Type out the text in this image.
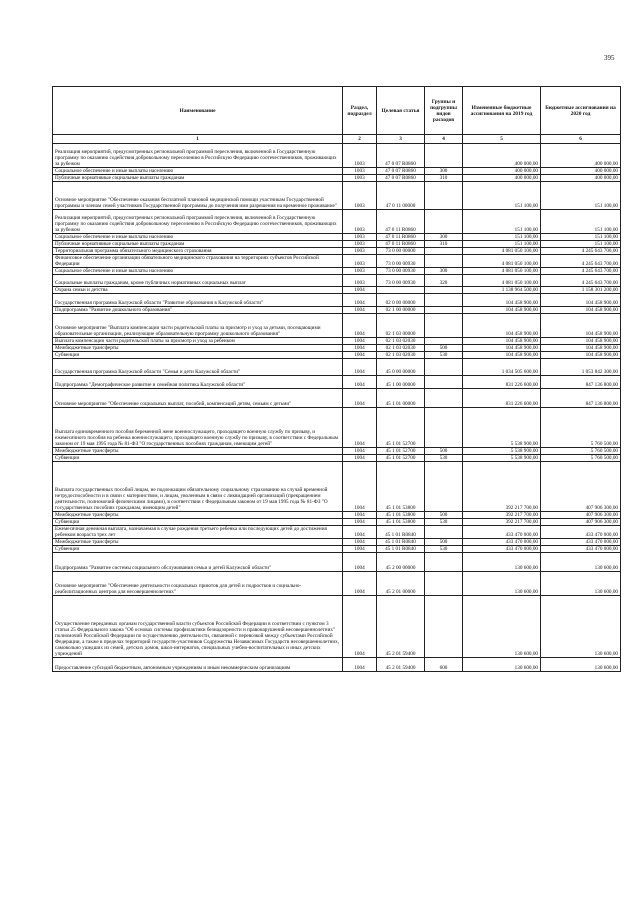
395
Наименование	Раздел, подраздел	Целевая статья	Группы и подгруппы видов расходов	Измененные бюджетные ассигнования на 2019 год	Бюджетные ассигнования на 2020 год
1	2	3	4	5	6
Реализация мероприятий, предусмотренных региональной программой переселения, включенной в Государственную программу по оказанию содействия добровольному переселению в Российскую Федерацию соотечественников, проживающих за рубежом	1003	47 0 07 R0860		400 000,00	400 000,00
Социальное обеспечение и иные выплаты населению	1003	47 0 07 R0860	300	400 000,00	400 000,00
Публичные нормативные социальные выплаты гражданам	1003	47 0 07 R0860	310	400 000,00	400 000,00
Основное мероприятие "Обеспечение оказания бесплатной плановой медицинской помощи участникам Государственной программы и членам семей участников Государственной программы до получения ими разрешения на временное проживание"	1003	47 0 11 00000		151 100,00	151 100,00
Реализация мероприятий, предусмотренных региональной программой переселения, включенной в Государственную программу по оказанию содействия добровольному переселению в Российскую Федерацию соотечественников, проживающих за рубежом	1003	47 0 11 R0860		151 100,00	151 100,00
Социальное обеспечение и иные выплаты населению	1003	47 0 11 R0860	300	151 100,00	151 100,00
Публичные нормативные социальные выплаты гражданам	1003	47 0 11 R0860	310	151 100,00	151 100,00
Территориальная программа обязательного медицинского страхования	1003	73 0 00 00000		4 081 050 100,00	4 245 643 700,00
Финансовое обеспечение организации обязательного медицинского страхования на территориях субъектов Российской Федерации	1003	73 0 00 00930		4 081 050 100,00	4 245 643 700,00
Социальное обеспечение и иные выплаты населению	1003	73 0 00 00930	300	4 081 050 100,00	4 245 643 700,00
Социальные выплаты гражданам, кроме публичных нормативных социальных выплат	1003	73 0 00 00930	320	4 081 050 100,00	4 245 643 700,00
Охрана семьи и детства	1004			1 138 964 500,00	1 158 301 200,00
Государственная программа Калужской области "Развитие образования в Калужской области"	1004	02 0 00 00000		104 458 900,00	104 458 900,00
Подпрограмма "Развитие дошкольного образования"	1004	02 1 00 00000		104 458 900,00	104 458 900,00
Основное мероприятие "Выплата компенсации части родительской платы за присмотр и уход за детьми, посещающими образовательные организации, реализующие образовательную программу дошкольного образования"	1004	02 1 03 00000		104 458 900,00	104 458 900,00
Выплата компенсации части родительской платы за присмотр и уход за ребенком	1004	02 1 03 02030		104 458 900,00	104 458 900,00
Межбюджетные трансферты	1004	02 1 03 02030	500	104 458 900,00	104 458 900,00
Субвенции	1004	02 1 03 02030	530	104 458 900,00	104 458 900,00
Государственная программа Калужской области "Семья и дети Калужской области"	1004	45 0 00 00000		1 034 505 600,00	1 053 842 300,00
Подпрограмма "Демографическое развитие и семейная политика Калужской области"	1004	45 1 00 00000		831 226 600,00	847 136 800,00
Основное мероприятие "Обеспечение социальных выплат, пособий, компенсаций детям, семьям с детьми"	1004	45 1 01 00000		831 226 600,00	847 136 800,00
Выплата единовременного пособия беременной жене военнослужащего, проходящего военную службу по призыву, и ежемесячного пособия на ребенка военнослужащего, проходящего военную службу по призыву, в соответствии с Федеральным законом от 19 мая 1995 года № 81-ФЗ "О государственных пособиях гражданам, имеющим детей"	1004	45 1 01 52700		5 538 900,00	5 760 500,00
Межбюджетные трансферты	1004	45 1 01 52700	500	5 538 900,00	5 760 500,00
Субвенции	1004	45 1 01 52700	530	5 538 900,00	5 760 500,00
Выплата государственных пособий лицам, не подлежащим обязательному социальному страхованию на случай временной нетрудоспособности и в связи с материнством, и лицам, уволенным в связи с ликвидацией организаций (прекращением деятельности, полномочий физическими лицами), в соответствии с Федеральным законом от 19 мая 1995 года № 81-ФЗ "О государственных пособиях гражданам, имеющим детей"	1004	45 1 01 53800		392 217 700,00	407 906 300,00
Межбюджетные трансферты	1004	45 1 01 53800	500	392 217 700,00	407 906 300,00
Субвенции	1004	45 1 01 53800	530	392 217 700,00	407 906 300,00
Ежемесячная денежная выплата, назначаемая в случае рождения третьего ребенка или последующих детей до достижения ребенком возраста трех лет	1004	45 1 01 R0840		433 470 000,00	433 470 000,00
Межбюджетные трансферты	1004	45 1 01 R0840	500	433 470 000,00	433 470 000,00
Субвенции	1004	45 1 01 R0840	530	433 470 000,00	433 470 000,00
Подпрограмма "Развитие системы социального обслуживания семьи и детей Калужской области"	1004	45 2 00 00000		130 600,00	130 600,00
Основное мероприятие "Обеспечение деятельности социальных приютов для детей и подростков и социально-реабилитационных центров для несовершеннолетних"	1004	45 2 01 00000		130 600,00	130 600,00
Осуществление переданных органам государственной власти субъектов Российской Федерации в соответствии с пунктом 3 статьи 25 Федерального закона "Об основах системы профилактики безнадзорности и правонарушений несовершеннолетних" полномочий Российской Федерации по осуществлению деятельности, связанной с перевозкой между субъектами Российской Федерации, а также в пределах территорий государств-участников Содружества Независимых Государств несовершеннолетних, самовольно ушедших из семей, детских домов, школ-интернатов, специальных учебно-воспитательных и иных детских учреждений	1004	45 2 01 59400		130 600,00	130 600,00
Предоставление субсидий бюджетным, автономным учреждениям и иным некоммерческим организациям	1004	45 2 01 59400	600	130 600,00	130 600,00
